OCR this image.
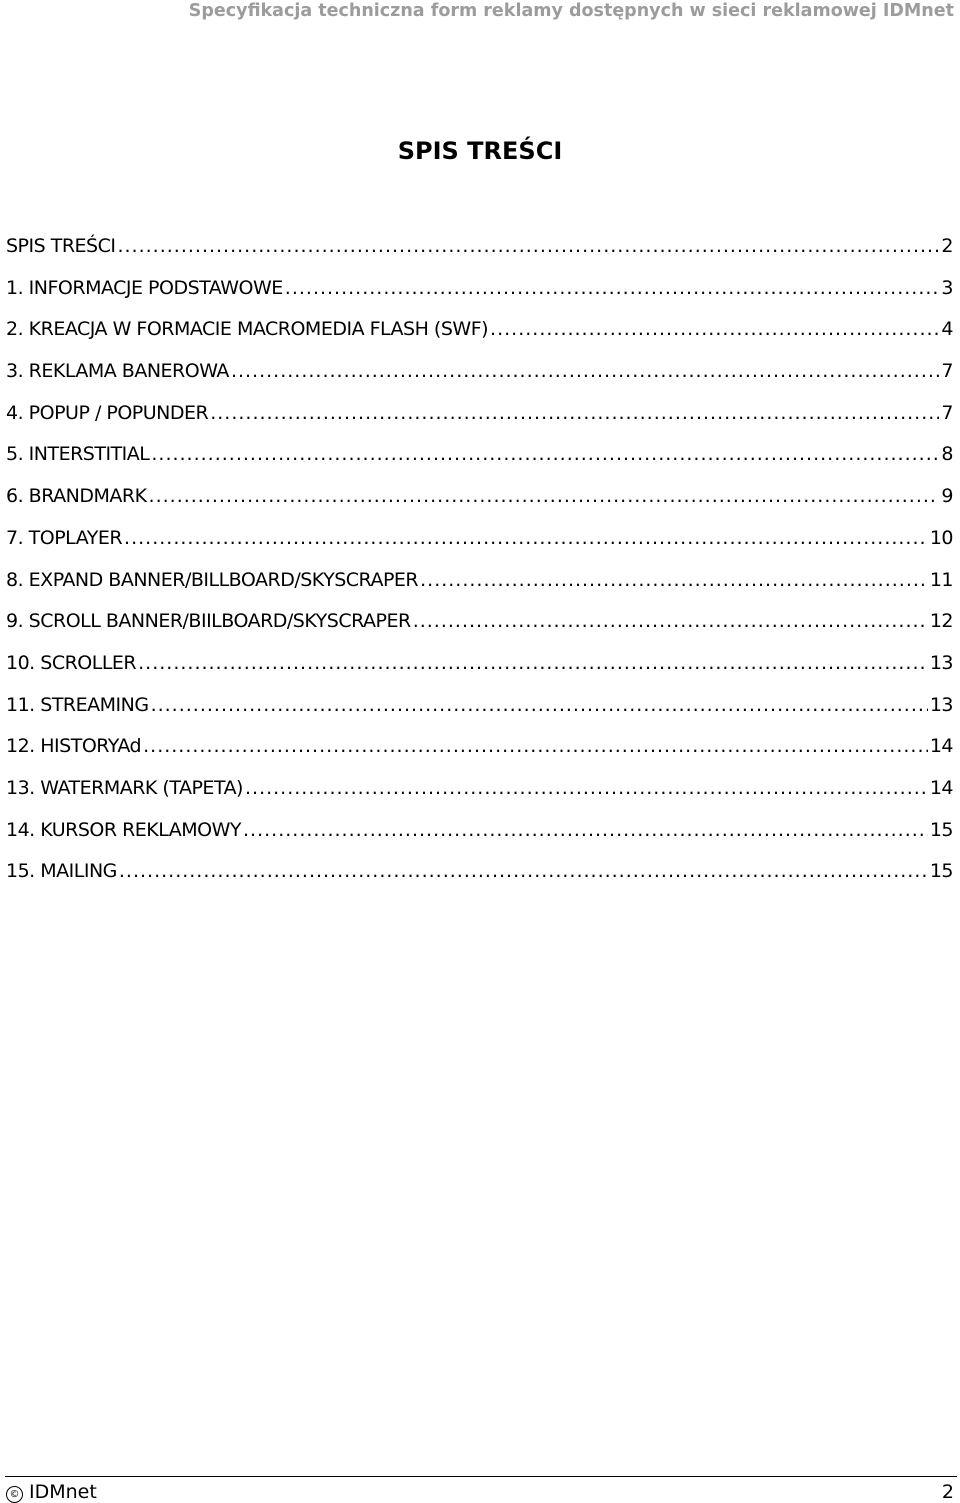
Specyfikacja techniczna form reklamy dostępnych w sieci reklamowej IDMnet
SPIS TREŚCI
SPIS TREŚCI .....	2
1. INFORMACJE PODSTAWOWE .....	3
2. KREACJA W FORMACIE MACROMEDIA FLASH (SWF) .....	4
3. REKLAMA BANEROWA .....	7
4. POPUP / POPUNDER .....	7
5. INTERSTITIAL .....	8
6. BRANDMARK .....	9
7. TOPLAYER .....	10
8. EXPAND BANNER/BILLBOARD/SKYSCRAPER .....	11
9. SCROLL BANNER/BIILBOARD/SKYSCRAPER .....	12
10. SCROLLER .....	13
11. STREAMING .....	13
12. HISTORYAd .....	14
13. WATERMARK (TAPETA) .....	14
14. KURSOR REKLAMOWY .....	15
15. MAILING .....	15
© IDMnet	2
